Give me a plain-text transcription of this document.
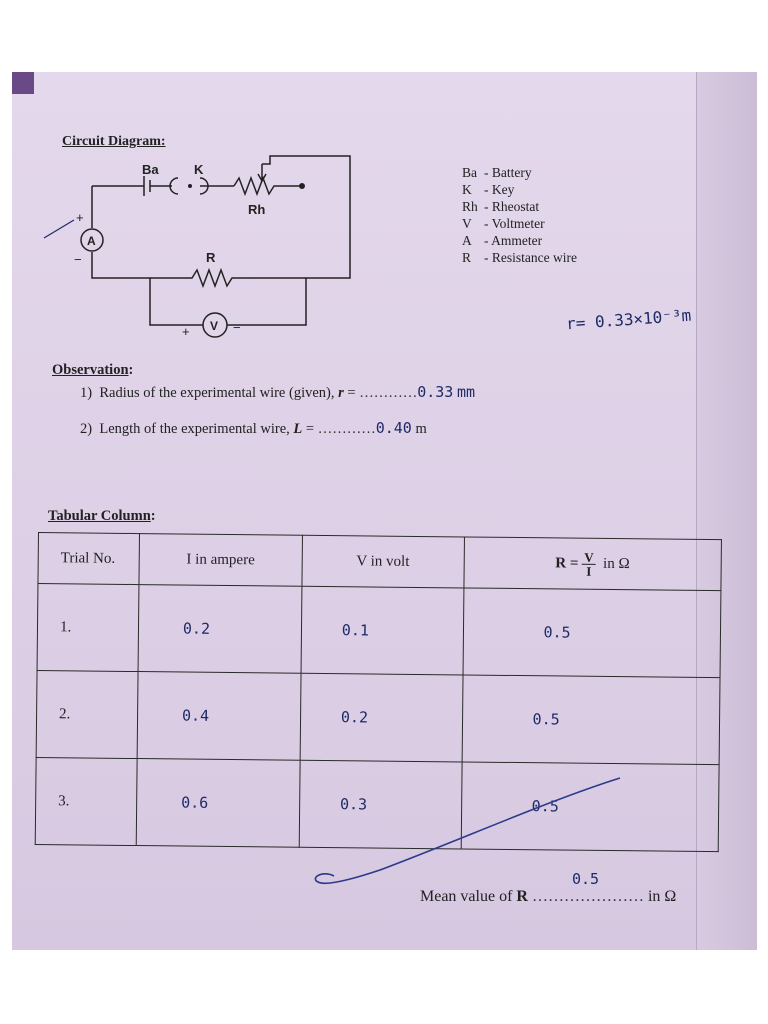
Circuit Diagram:
Ba	K
Rh
R
A
V
+
−
+	−
Ba - Battery
K - Key
Rh - Rheostat
V - Voltmeter
A - Ammeter
R - Resistance wire
r= 0.33×10⁻³m
Observation:
1) Radius of the experimental wire (given), r = …………0.33 mm
2) Length of the experimental wire, L = …………0.40 m
Tabular Column:
Trial No.	I in ampere	V in volt	$R = \frac{V}{I}$ in Ω
1.	0.2	0.1	0.5
2.	0.4	0.2	0.5
3.	0.6	0.3	0.5
Mean value of R …………………
0.5
in Ω
